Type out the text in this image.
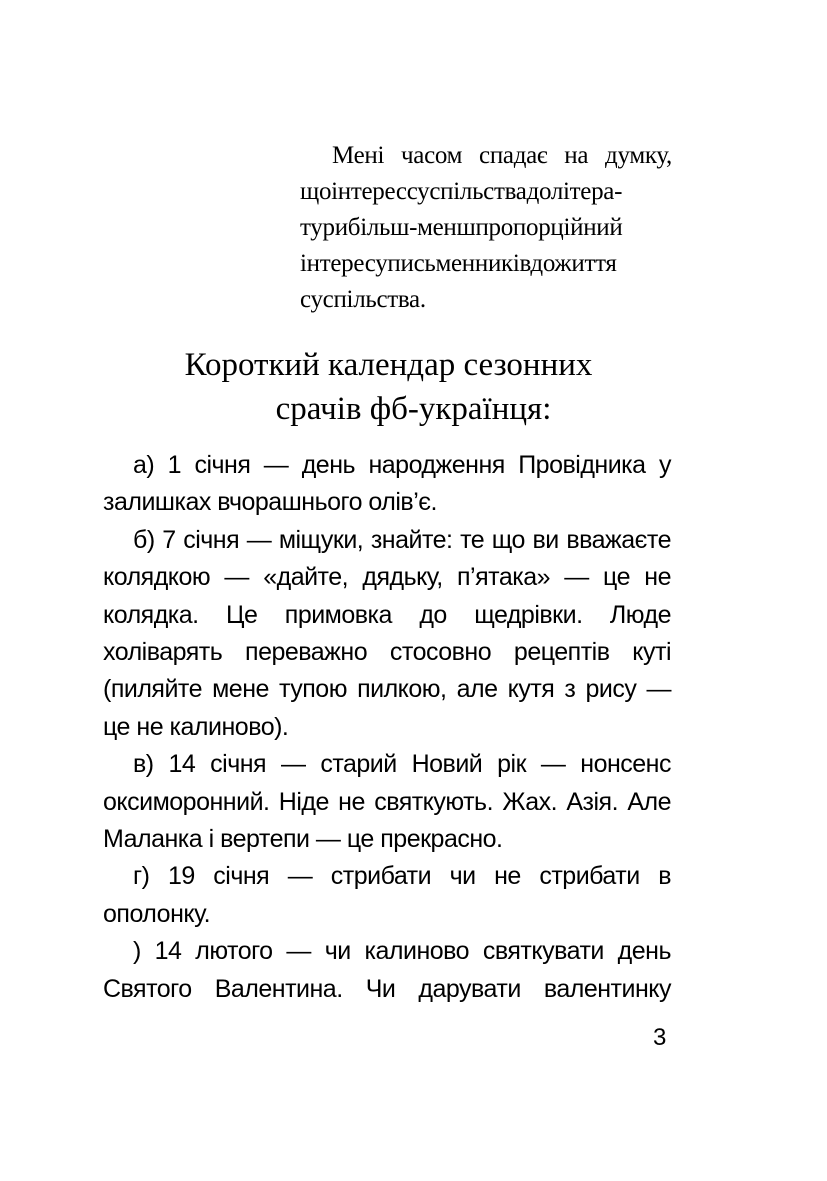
Мені часом спадає на думку, щоінтерессуспільствадолітера-турибільш-меншпропорційний інтересуписьменниківдожиття суспільства.

Короткий календар сезонних
срачів фб-українця:

а) 1 січня — день народження Провідника у залишках вчорашнього олів’є.

б) 7 січня — міщуки, знайте: те що ви вважаєте колядкою — «дайте, дядьку, п’ятака» — це не колядка. Це примовка до щедрівки. Люде холіварять переважно стосовно рецептів куті (пиляйте мене тупою пилкою, але кутя з рису — це не калиново).

в) 14 січня — старий Новий рік — нонсенс оксиморонний. Ніде не святкують. Жах. Азія. Але Маланка і вертепи — це прекрасно.

г) 19 січня — стрибати чи не стрибати в ополонку.

) 14 лютого — чи калиново святкувати день Святого Валентина. Чи дарувати валентинку

3
